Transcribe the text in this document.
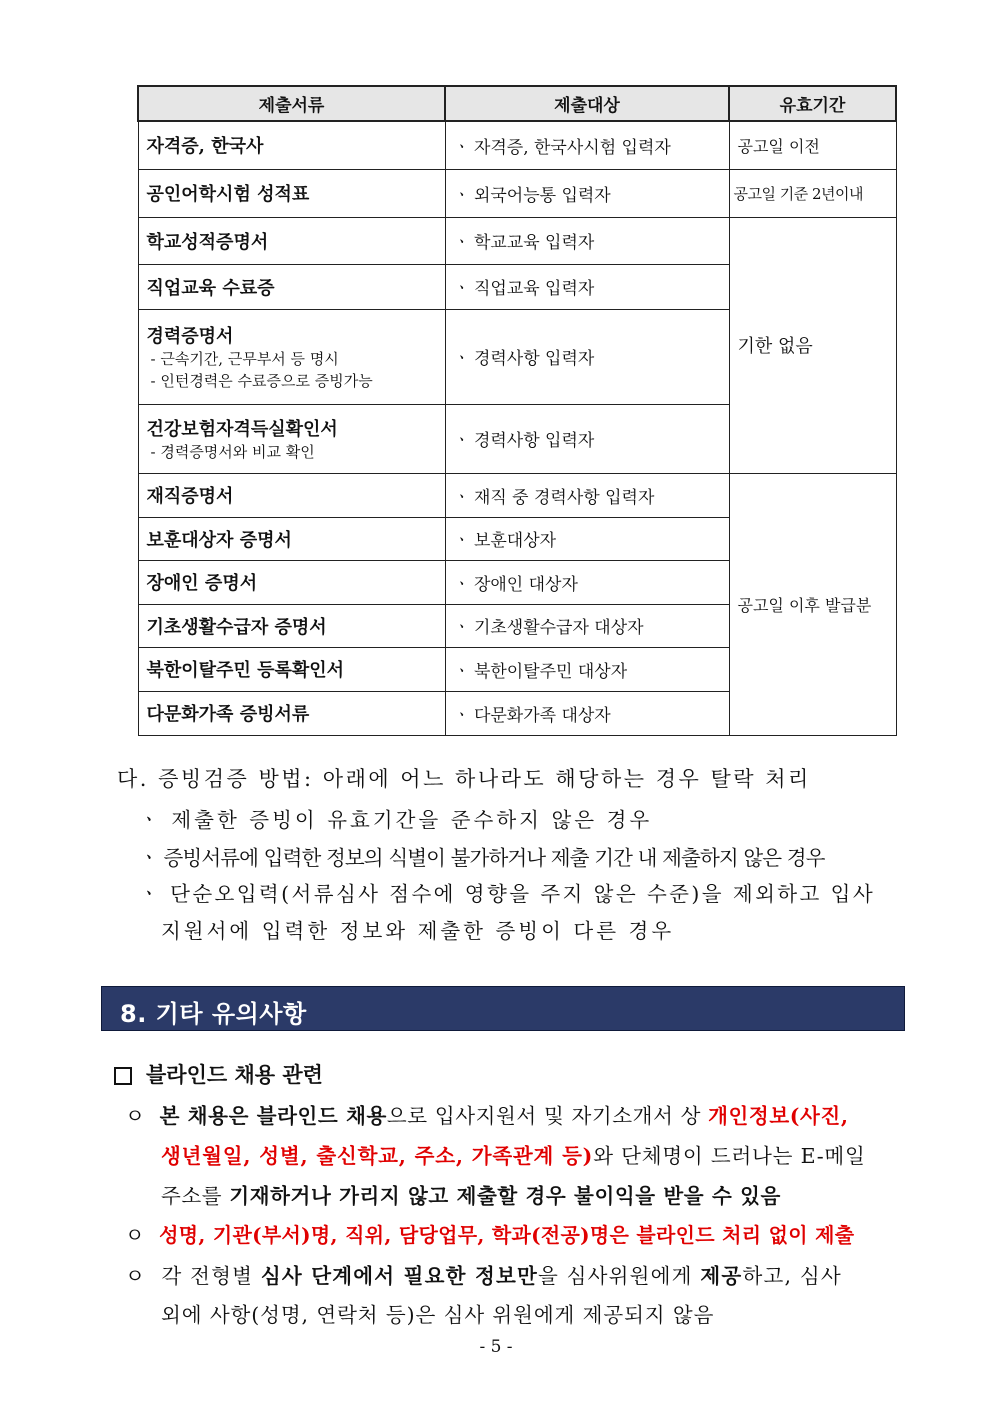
제출서류	제출대상	유효기간
자격증, 한국사	ㆍ 자격증, 한국사시험 입력자	공고일 이전
공인어학시험 성적표	ㆍ 외국어능통 입력자	공고일 기준 2년이내
학교성적증명서	ㆍ 학교교육 입력자	기한 없음
직업교육 수료증	ㆍ 직업교육 입력자	
경력증명서
- 근속기간, 근무부서 등 명시
- 인턴경력은 수료증으로 증빙가능	ㆍ 경력사항 입력자	
건강보험자격득실확인서
- 경력증명서와 비교 확인	ㆍ 경력사항 입력자	
재직증명서	ㆍ 재직 중 경력사항 입력자	공고일 이후 발급분
보훈대상자 증명서	ㆍ 보훈대상자	
장애인 증명서	ㆍ 장애인 대상자	
기초생활수급자 증명서	ㆍ 기초생활수급자 대상자	
북한이탈주민 등록확인서	ㆍ 북한이탈주민 대상자	
다문화가족 증빙서류	ㆍ 다문화가족 대상자	
다. 증빙검증 방법: 아래에 어느 하나라도 해당하는 경우 탈락 처리
ㆍ 제출한 증빙이 유효기간을 준수하지 않은 경우
ㆍ 증빙서류에 입력한 정보의 식별이 불가하거나 제출 기간 내 제출하지 않은 경우
ㆍ 단순오입력(서류심사 점수에 영향을 주지 않은 수준)을 제외하고 입사
지원서에 입력한 정보와 제출한 증빙이 다른 경우
8. 기타 유의사항
블라인드 채용 관련
ㅇ 본 채용은 블라인드 채용으로 입사지원서 및 자기소개서 상 개인정보(사진,
생년월일, 성별, 출신학교, 주소, 가족관계 등)와 단체명이 드러나는 E-메일
주소를 기재하거나 가리지 않고 제출할 경우 불이익을 받을 수 있음
ㅇ 성명, 기관(부서)명, 직위, 담당업무, 학과(전공)명은 블라인드 처리 없이 제출
ㅇ 각 전형별 심사 단계에서 필요한 정보만을 심사위원에게 제공하고, 심사
외에 사항(성명, 연락처 등)은 심사 위원에게 제공되지 않음
- 5 -
